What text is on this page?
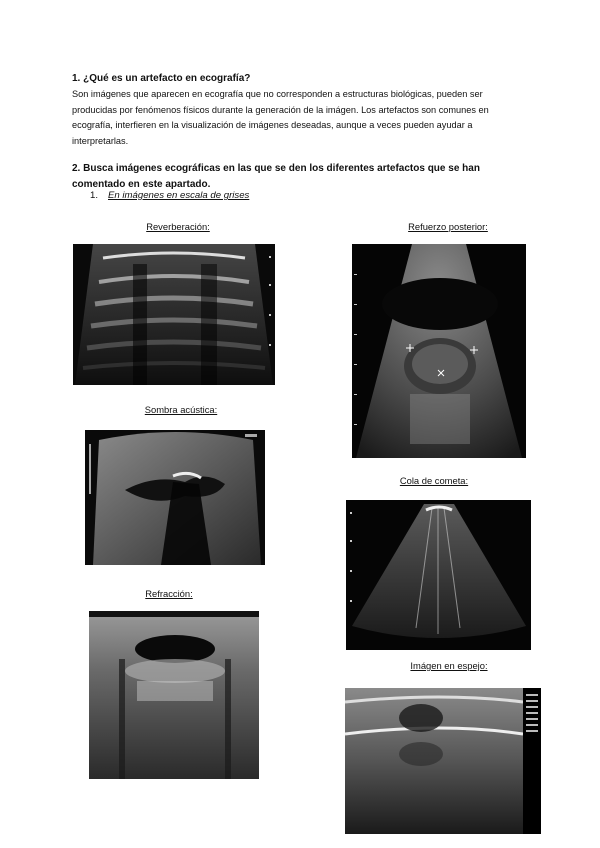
1. ¿Qué es un artefacto en ecografía?
Son imágenes que aparecen en ecografía que no corresponden a estructuras biológicas, pueden ser producidas por fenómenos físicos durante la generación de la imágen. Los artefactos son comunes en ecografía, interfieren en la visualización de imágenes deseadas, aunque a veces pueden ayudar a interpretarlas.
2. Busca imágenes ecográficas en las que se den los diferentes artefactos que se han comentado en este apartado.
1. En imágenes en escala de grises
Reverberación:	Refuerzo posterior:
Sombra acústica:
Cola de cometa:
Refracción:
Imágen en espejo:
